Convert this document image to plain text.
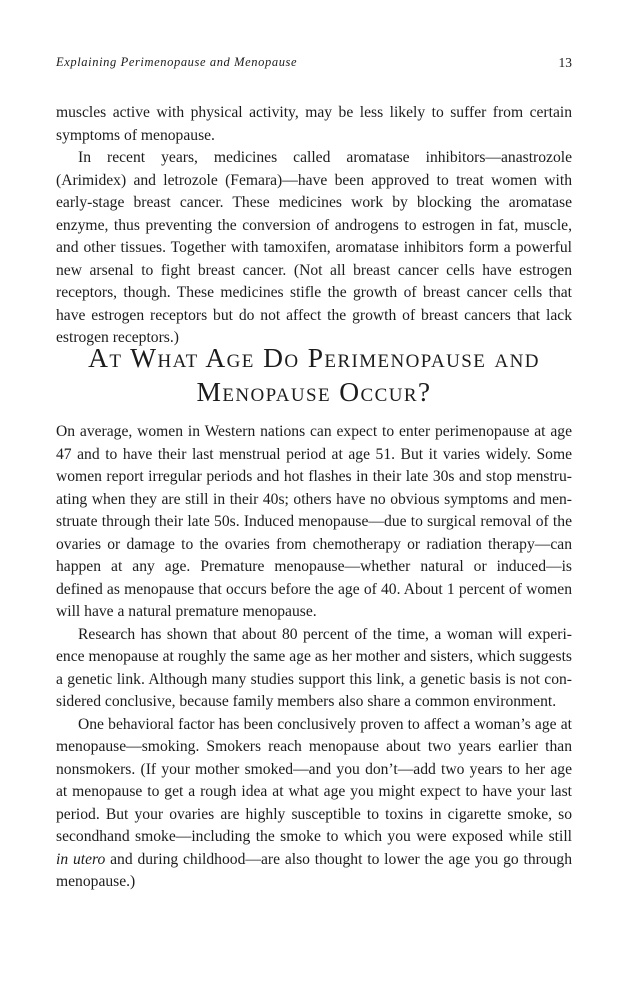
Explaining Perimenopause and Menopause	13

muscles active with physical activity, may be less likely to suffer from certain symptoms of menopause.

In recent years, medicines called aromatase inhibitors—anastrozole (Arimidex) and letrozole (Femara)—have been approved to treat women with early-stage breast cancer. These medicines work by blocking the aromatase enzyme, thus preventing the conversion of androgens to estrogen in fat, muscle, and other tissues. Together with tamoxifen, aromatase inhibitors form a powerful new arsenal to fight breast cancer. (Not all breast cancer cells have estrogen receptors, though. These medicines stifle the growth of breast cancer cells that have estrogen receptors but do not affect the growth of breast cancers that lack estrogen receptors.)

At What Age Do Perimenopause and Menopause Occur?

On average, women in Western nations can expect to enter perimenopause at age 47 and to have their last menstrual period at age 51. But it varies widely. Some women report irregular periods and hot flashes in their late 30s and stop menstruating when they are still in their 40s; others have no obvious symptoms and menstruate through their late 50s. Induced menopause—due to surgical removal of the ovaries or damage to the ovaries from chemotherapy or radiation therapy—can happen at any age. Premature menopause—whether natural or induced—is defined as menopause that occurs before the age of 40. About 1 percent of women will have a natural premature menopause.

Research has shown that about 80 percent of the time, a woman will experience menopause at roughly the same age as her mother and sisters, which suggests a genetic link. Although many studies support this link, a genetic basis is not considered conclusive, because family members also share a common environment.

One behavioral factor has been conclusively proven to affect a woman’s age at menopause—smoking. Smokers reach menopause about two years earlier than nonsmokers. (If your mother smoked—and you don’t—add two years to her age at menopause to get a rough idea at what age you might expect to have your last period. But your ovaries are highly susceptible to toxins in cigarette smoke, so secondhand smoke—including the smoke to which you were exposed while still in utero and during childhood—are also thought to lower the age you go through menopause.)
